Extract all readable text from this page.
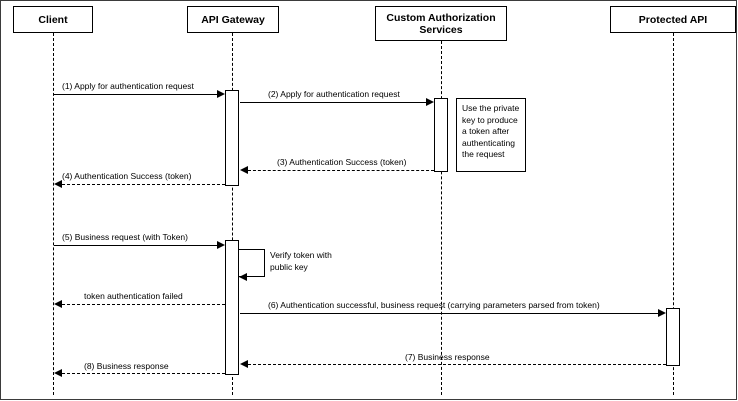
Client	API Gateway	Custom Authorization Services
Protected API
Use the private key to produce a token after authenticating the request
Verify token with public key
(1) Apply for authentication request
(2) Apply for authentication request
(3) Authentication Success (token)
(4) Authentication Success (token)
(5) Business request (with Token)
token authentication failed
(6) Authentication successful, business request (carrying parameters parsed from token)
(7) Business response
(8) Business response
